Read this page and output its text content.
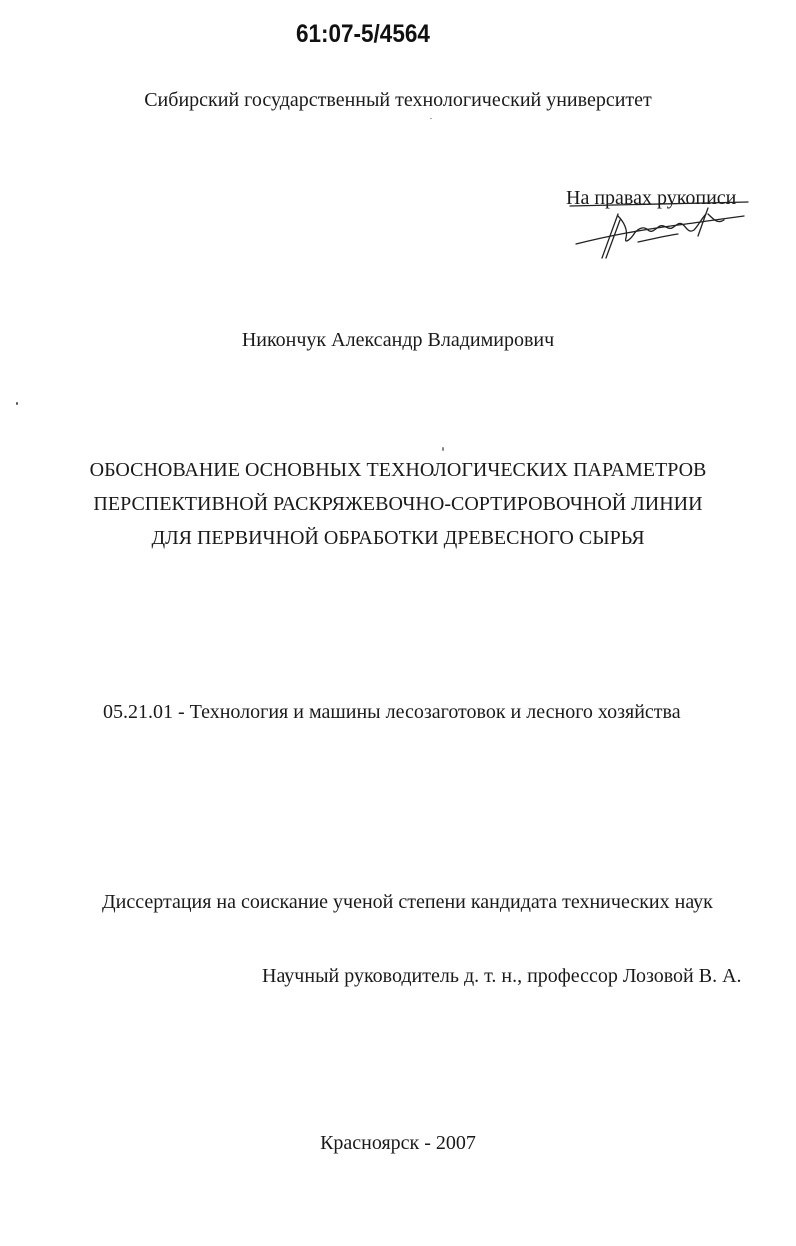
61:07-5/4564
Сибирский государственный технологический университет
На правах рукописи
Никончук Александр Владимирович
ОБОСНОВАНИЕ ОСНОВНЫХ ТЕХНОЛОГИЧЕСКИХ ПАРАМЕТРОВ
ПЕРСПЕКТИВНОЙ РАСКРЯЖЕВОЧНО-СОРТИРОВОЧНОЙ ЛИНИИ
ДЛЯ ПЕРВИЧНОЙ ОБРАБОТКИ ДРЕВЕСНОГО СЫРЬЯ
05.21.01 - Технология и машины лесозаготовок и лесного хозяйства
Диссертация на соискание ученой степени кандидата технических наук
Научный руководитель д. т. н., профессор Лозовой В. А.
Красноярск - 2007
